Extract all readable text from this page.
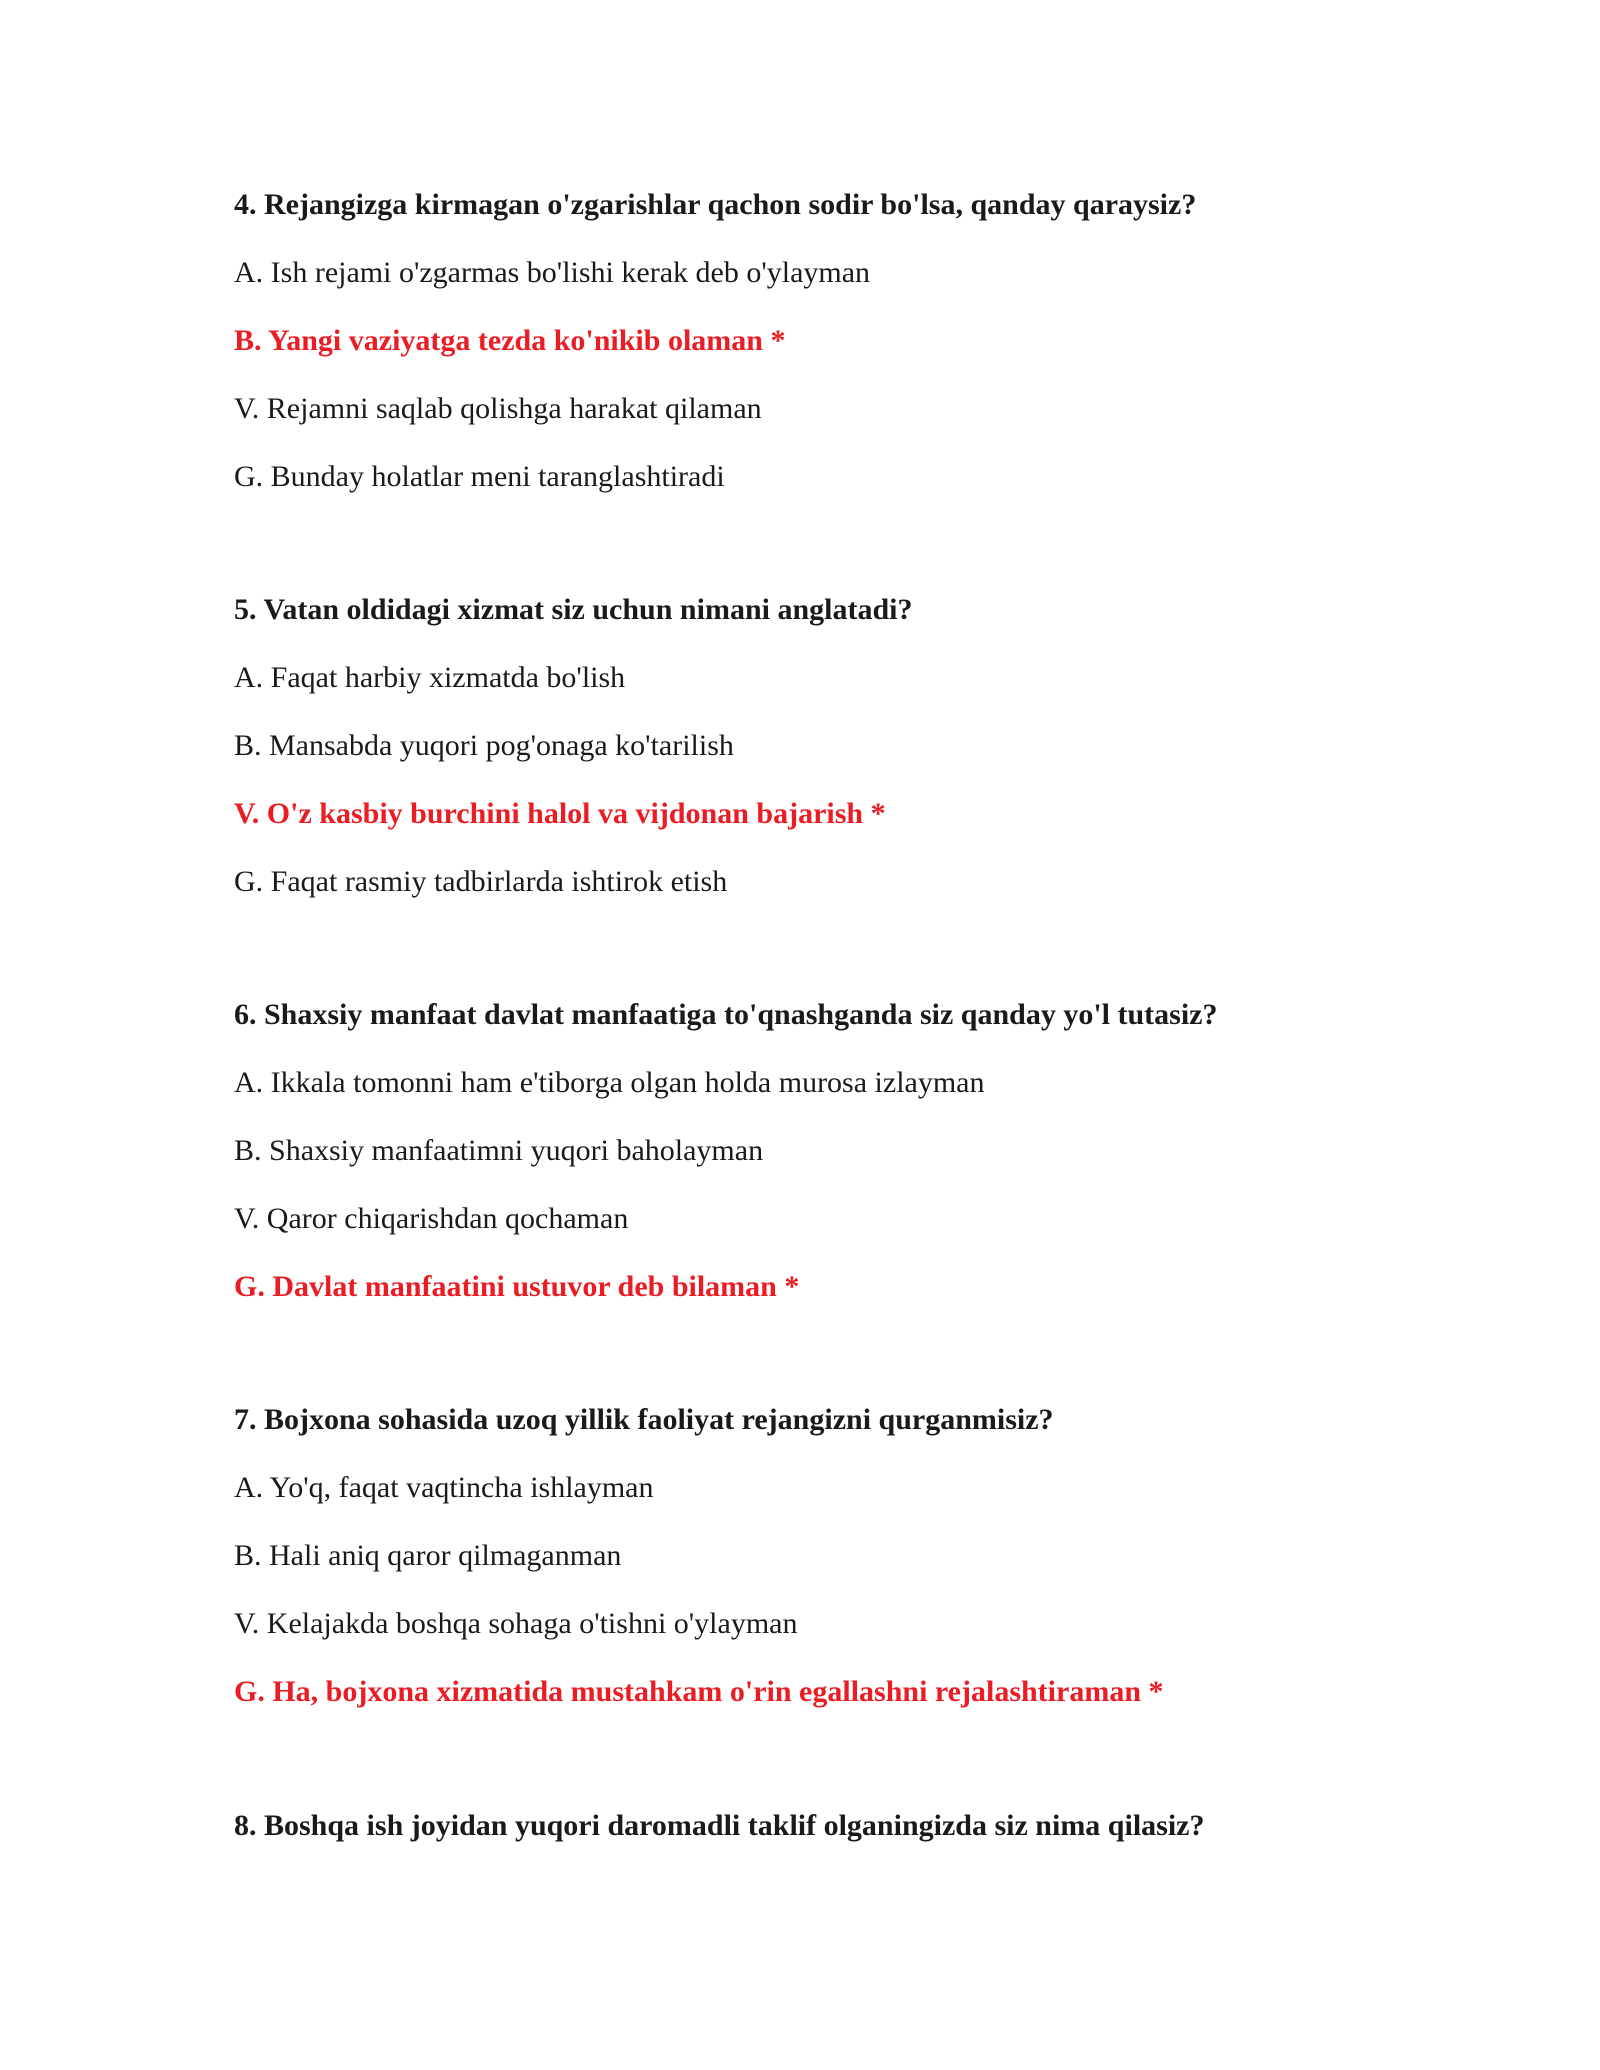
4. Rejangizga kirmagan o'zgarishlar qachon sodir bo'lsa, qanday qaraysiz?
A. Ish rejami o'zgarmas bo'lishi kerak deb o'ylayman
B. Yangi vaziyatga tezda ko'nikib olaman *
V. Rejamni saqlab qolishga harakat qilaman
G. Bunday holatlar meni taranglashtiradi
5. Vatan oldidagi xizmat siz uchun nimani anglatadi?
A. Faqat harbiy xizmatda bo'lish
B. Mansabda yuqori pog'onaga ko'tarilish
V. O'z kasbiy burchini halol va vijdonan bajarish *
G. Faqat rasmiy tadbirlarda ishtirok etish
6. Shaxsiy manfaat davlat manfaatiga to'qnashganda siz qanday yo'l tutasiz?
A. Ikkala tomonni ham e'tiborga olgan holda murosa izlayman
B. Shaxsiy manfaatimni yuqori baholayman
V. Qaror chiqarishdan qochaman
G. Davlat manfaatini ustuvor deb bilaman *
7. Bojxona sohasida uzoq yillik faoliyat rejangizni qurganmisiz?
A. Yo'q, faqat vaqtincha ishlayman
B. Hali aniq qaror qilmaganman
V. Kelajakda boshqa sohaga o'tishni o'ylayman
G. Ha, bojxona xizmatida mustahkam o'rin egallashni rejalashtiraman *
8. Boshqa ish joyidan yuqori daromadli taklif olganingizda siz nima qilasiz?
